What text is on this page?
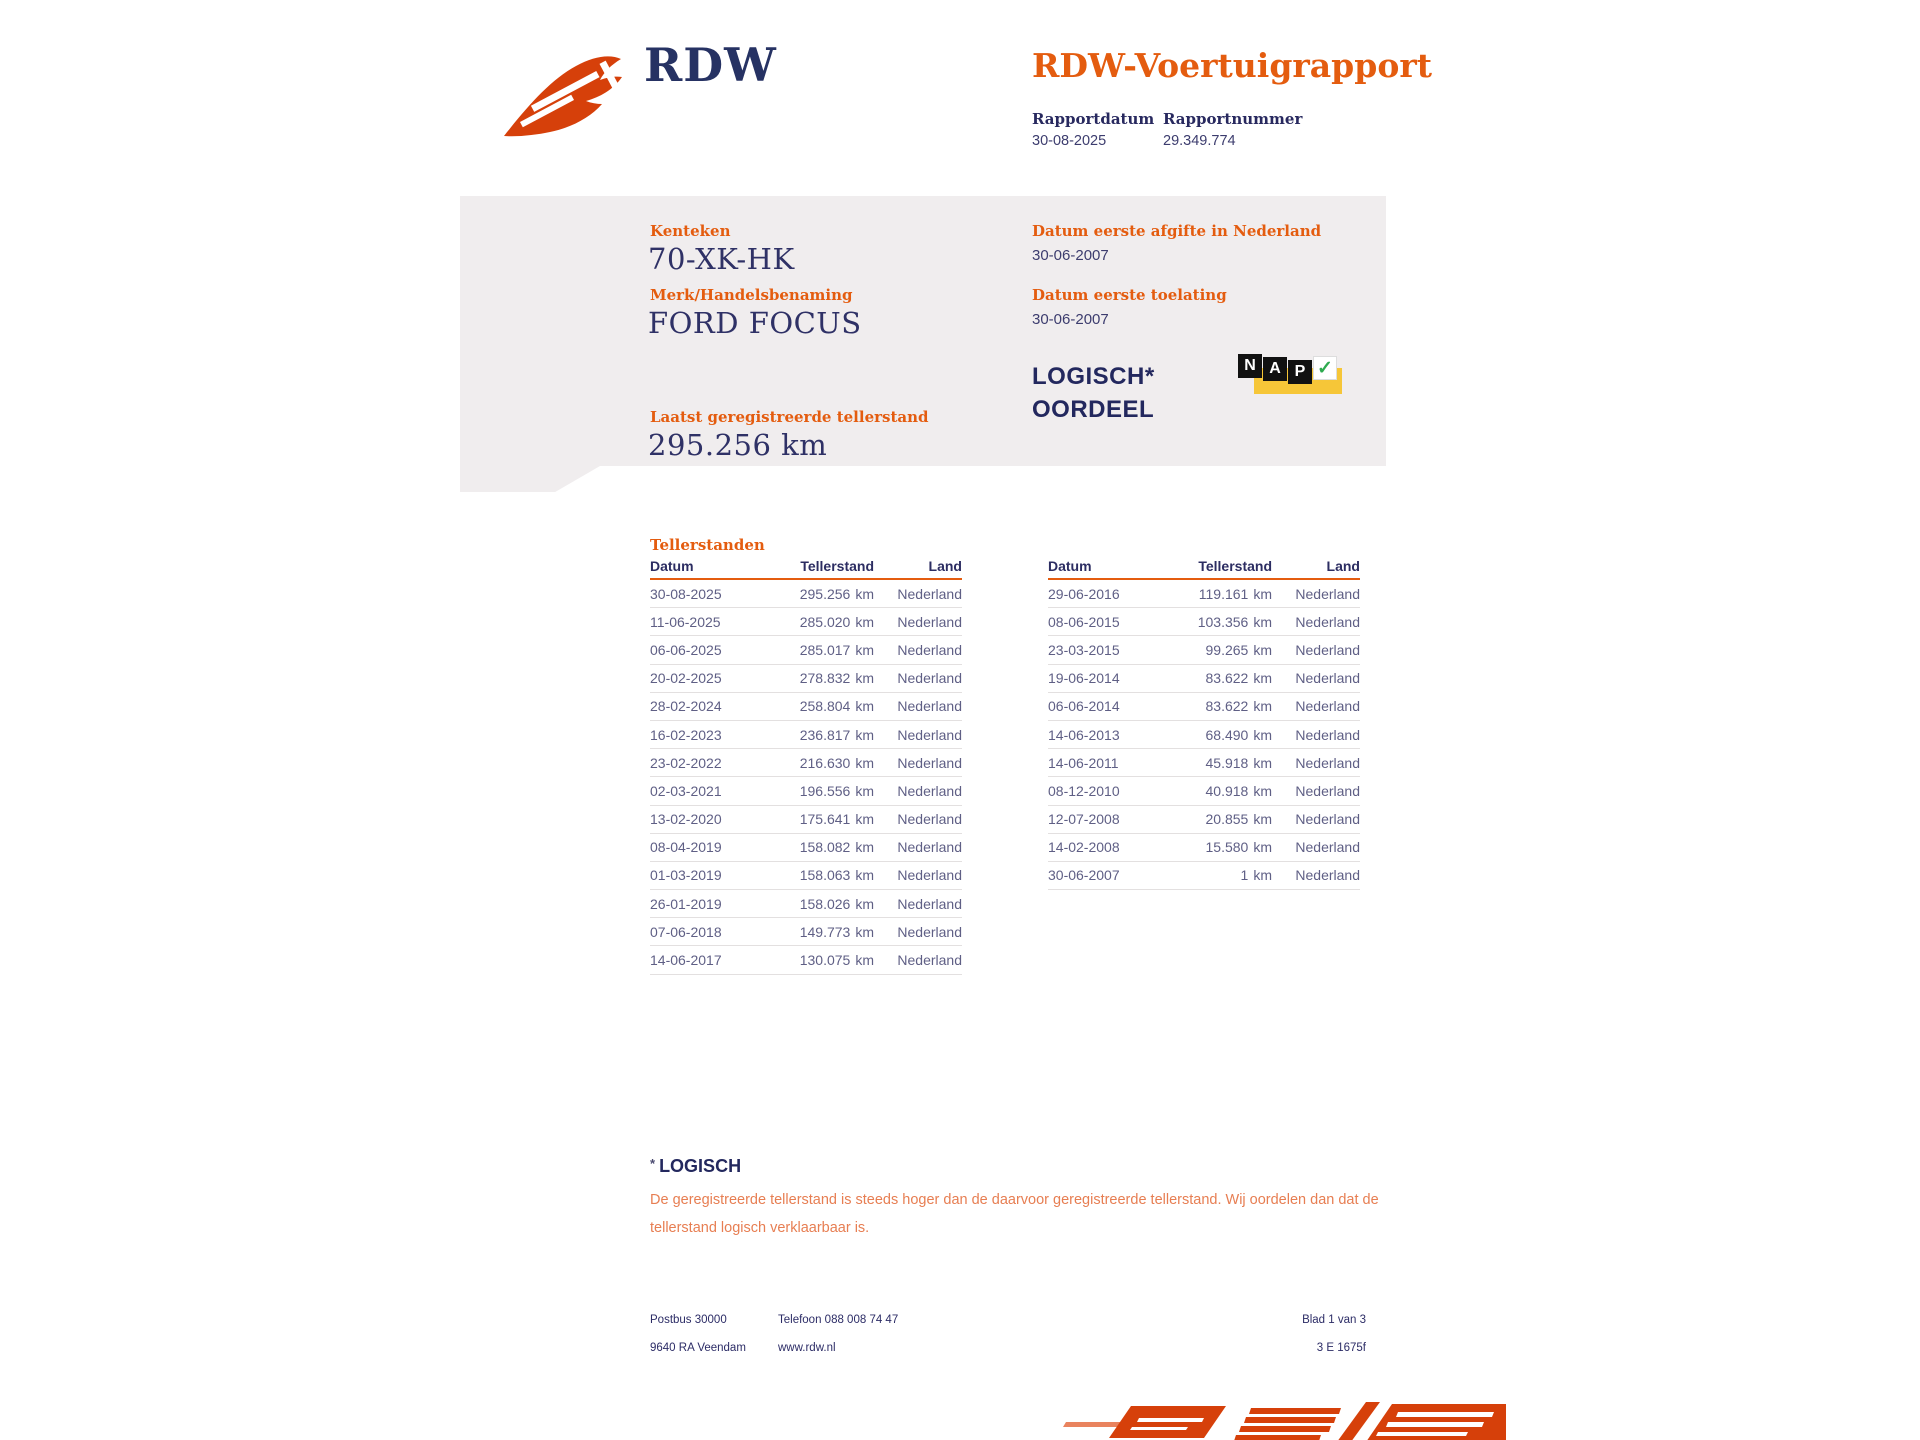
RDW	RDW-Voertuigrapport
Rapportdatum Rapportnummer
30-08-2025	29.349.774
Kenteken
70-XK-HK
Merk/Handelsbenaming
FORD FOCUS
Laatst geregistreerde tellerstand
295.256 km
Datum eerste afgifte in Nederland
30-06-2007
Datum eerste toelating
30-06-2007
LOGISCH*
OORDEEL
N A P ✓
Tellerstanden
Datum	Tellerstand	Land
30-08-2025	295.256 km	Nederland
11-06-2025	285.020 km	Nederland
06-06-2025	285.017 km	Nederland
20-02-2025	278.832 km	Nederland
28-02-2024	258.804 km	Nederland
16-02-2023	236.817 km	Nederland
23-02-2022	216.630 km	Nederland
02-03-2021	196.556 km	Nederland
13-02-2020	175.641 km	Nederland
08-04-2019	158.082 km	Nederland
01-03-2019	158.063 km	Nederland
26-01-2019	158.026 km	Nederland
07-06-2018	149.773 km	Nederland
14-06-2017	130.075 km	Nederland
Datum	Tellerstand	Land
29-06-2016	119.161 km	Nederland
08-06-2015	103.356 km	Nederland
23-03-2015	99.265 km	Nederland
19-06-2014	83.622 km	Nederland
06-06-2014	83.622 km	Nederland
14-06-2013	68.490 km	Nederland
14-06-2011	45.918 km	Nederland
08-12-2010	40.918 km	Nederland
12-07-2008	20.855 km	Nederland
14-02-2008	15.580 km	Nederland
30-06-2007	1 km	Nederland
* LOGISCH
De geregistreerde tellerstand is steeds hoger dan de daarvoor geregistreerde tellerstand. Wij oordelen dan dat de tellerstand logisch verklaarbaar is.
Postbus 30000
9640 RA Veendam
Telefoon 088 008 74 47
www.rdw.nl
Blad 1 van 3
3 E 1675f
